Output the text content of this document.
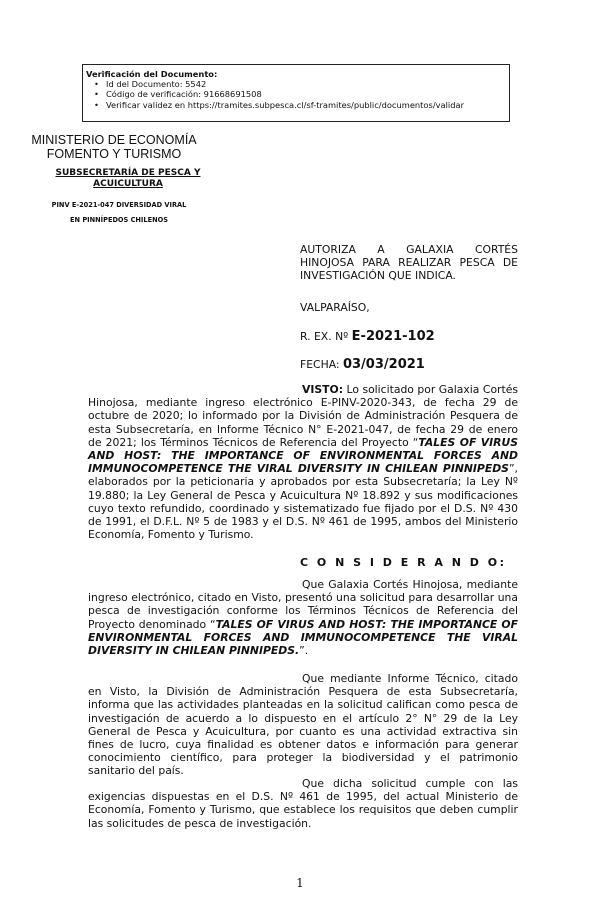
Verificación del Documento:
• Id del Documento: 5542
• Código de verificación: 91668691508
• Verificar validez en https://tramites.subpesca.cl/sf-tramites/public/documentos/validar
MINISTERIO DE ECONOMÍA
FOMENTO Y TURISMO
SUBSECRETARÍA DE PESCA Y ACUICULTURA
PINV E-2021-047 DIVERSIDAD VIRAL
EN PINNÍPEDOS CHILENOS
AUTORIZA A GALAXIA CORTÉS HINOJOSA PARA REALIZAR PESCA DE INVESTIGACIÓN QUE INDICA.
VALPARAÍSO,
R. EX. Nº E-2021-102
FECHA: 03/03/2021
VISTO: Lo solicitado por Galaxia Cortés Hinojosa, mediante ingreso electrónico E-PINV-2020-343, de fecha 29 de octubre de 2020; lo informado por la División de Administración Pesquera de esta Subsecretaría, en Informe Técnico N° E-2021-047, de fecha 29 de enero de 2021; los Términos Técnicos de Referencia del Proyecto “TALES OF VIRUS AND HOST: THE IMPORTANCE OF ENVIRONMENTAL FORCES AND IMMUNOCOMPETENCE THE VIRAL DIVERSITY IN CHILEAN PINNIPEDS”, elaborados por la peticionaria y aprobados por esta Subsecretaría; la Ley Nº 19.880; la Ley General de Pesca y Acuicultura Nº 18.892 y sus modificaciones cuyo texto refundido, coordinado y sistematizado fue fijado por el D.S. Nº 430 de 1991, el D.F.L. Nº 5 de 1983 y el D.S. Nº 461 de 1995, ambos del Ministerio Economía, Fomento y Turismo.
C O N S I D E R A N D O:
Que Galaxia Cortés Hinojosa, mediante ingreso electrónico, citado en Visto, presentó una solicitud para desarrollar una pesca de investigación conforme los Términos Técnicos de Referencia del Proyecto denominado “TALES OF VIRUS AND HOST: THE IMPORTANCE OF ENVIRONMENTAL FORCES AND IMMUNOCOMPETENCE THE VIRAL DIVERSITY IN CHILEAN PINNIPEDS.”.
Que mediante Informe Técnico, citado en Visto, la División de Administración Pesquera de esta Subsecretaría, informa que las actividades planteadas en la solicitud califican como pesca de investigación de acuerdo a lo dispuesto en el artículo 2° N° 29 de la Ley General de Pesca y Acuicultura, por cuanto es una actividad extractiva sin fines de lucro, cuya finalidad es obtener datos e información para generar conocimiento científico, para proteger la biodiversidad y el patrimonio sanitario del país.
Que dicha solicitud cumple con las exigencias dispuestas en el D.S. Nº 461 de 1995, del actual Ministerio de Economía, Fomento y Turismo, que establece los requisitos que deben cumplir las solicitudes de pesca de investigación.
1
